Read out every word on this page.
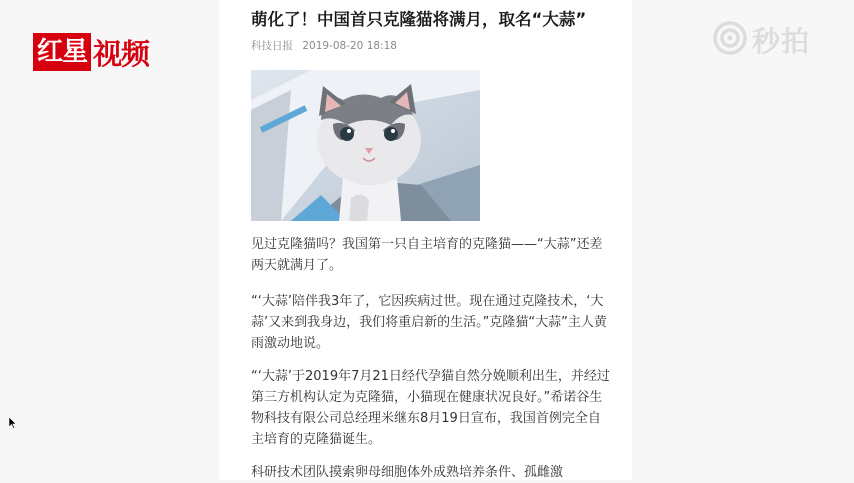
红星 视频	秒拍
萌化了！中国首只克隆猫将满月，取名“大蒜”
科技日报 2019-08-20 18:18

见过克隆猫吗？我国第一只自主培育的克隆猫——“大蒜”还差两天就满月了。

“‘大蒜’陪伴我3年了，它因疾病过世。现在通过克隆技术，‘大蒜’又来到我身边，我们将重启新的生活。”克隆猫“大蒜”主人黄雨激动地说。

“‘大蒜’于2019年7月21日经代孕猫自然分娩顺利出生，并经过第三方机构认定为克隆猫，小猫现在健康状况良好。”希诺谷生物科技有限公司总经理米继东8月19日宣布，我国首例完全自主培育的克隆猫诞生。

科研技术团队摸索卵母细胞体外成熟培养条件、孤雌激
